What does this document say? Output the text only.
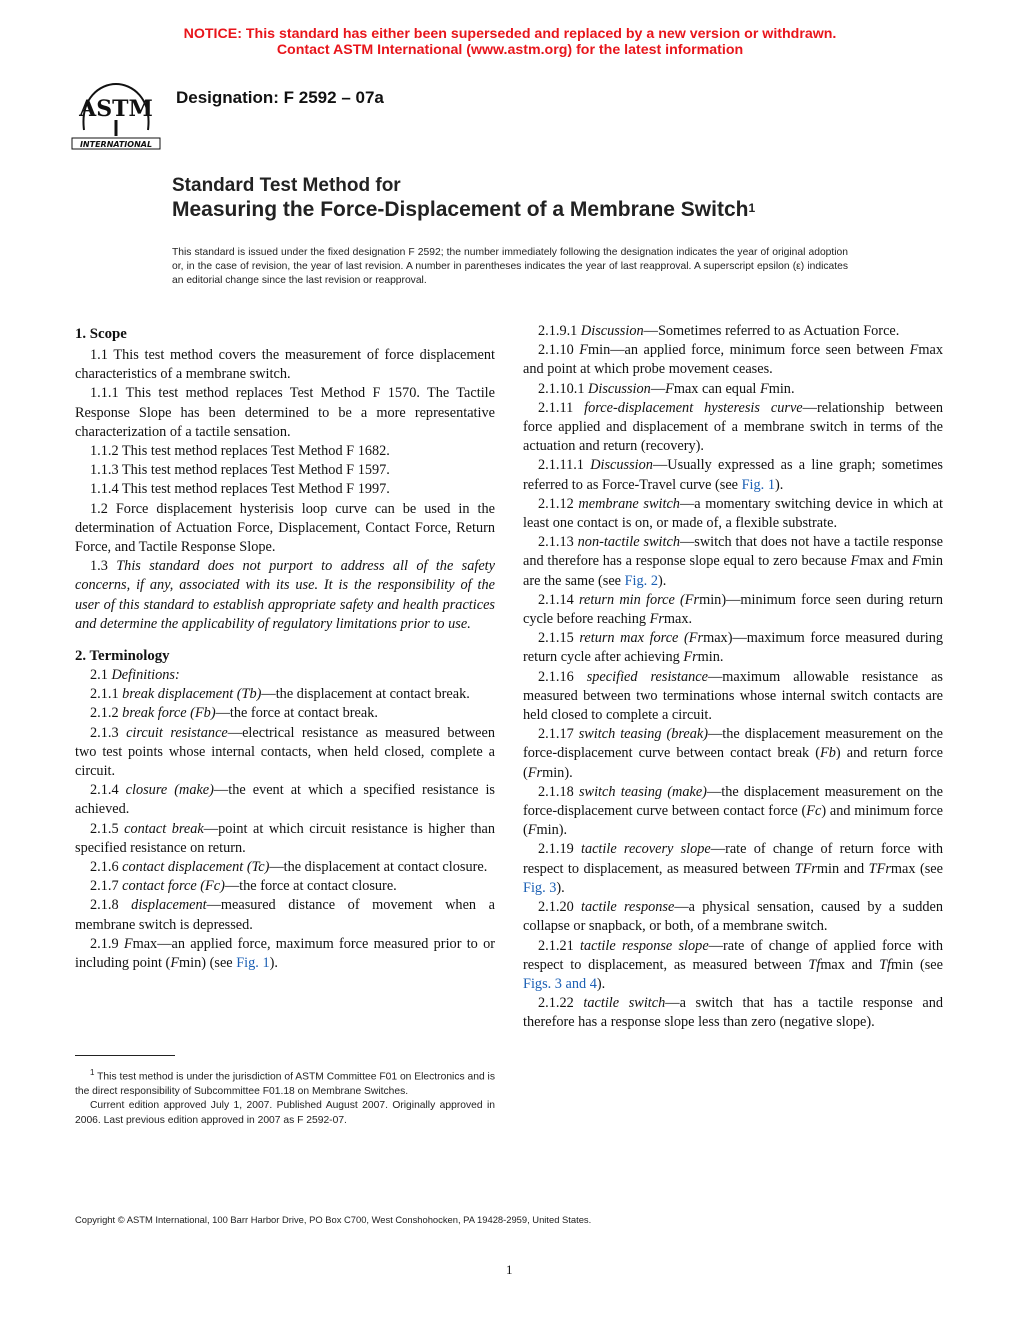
NOTICE: This standard has either been superseded and replaced by a new version or withdrawn.
Contact ASTM International (www.astm.org) for the latest information
ASTM
INTERNATIONAL
Designation: F 2592 – 07a
Standard Test Method for
Measuring the Force-Displacement of a Membrane Switch$^1$
This standard is issued under the fixed designation F 2592; the number immediately following the designation indicates the year of original adoption or, in the case of revision, the year of last revision. A number in parentheses indicates the year of last reapproval. A superscript epsilon (ε) indicates an editorial change since the last revision or reapproval.
1. Scope

1.1 This test method covers the measurement of force displacement characteristics of a membrane switch.

1.1.1 This test method replaces Test Method F 1570. The Tactile Response Slope has been determined to be a more representative characterization of a tactile sensation.

1.1.2 This test method replaces Test Method F 1682.

1.1.3 This test method replaces Test Method F 1597.

1.1.4 This test method replaces Test Method F 1997.

1.2 Force displacement hysterisis loop curve can be used in the determination of Actuation Force, Displacement, Contact Force, Return Force, and Tactile Response Slope.

1.3 This standard does not purport to address all of the safety concerns, if any, associated with its use. It is the responsibility of the user of this standard to establish appropriate safety and health practices and determine the applicability of regulatory limitations prior to use.

2. Terminology

2.1 Definitions:

2.1.1 break displacement (Tb)—the displacement at contact break.

2.1.2 break force (Fb)—the force at contact break.

2.1.3 circuit resistance—electrical resistance as measured between two test points whose internal contacts, when held closed, complete a circuit.

2.1.4 closure (make)—the event at which a specified resistance is achieved.

2.1.5 contact break—point at which circuit resistance is higher than specified resistance on return.

2.1.6 contact displacement (Tc)—the displacement at contact closure.

2.1.7 contact force (Fc)—the force at contact closure.

2.1.8 displacement—measured distance of movement when a membrane switch is depressed.

2.1.9 Fmax—an applied force, maximum force measured prior to or including point (Fmin) (see Fig. 1).

2.1.9.1 Discussion—Sometimes referred to as Actuation Force.

2.1.10 Fmin—an applied force, minimum force seen between Fmax and point at which probe movement ceases.

2.1.10.1 Discussion—Fmax can equal Fmin.

2.1.11 force-displacement hysteresis curve—relationship between force applied and displacement of a membrane switch in terms of the actuation and return (recovery).

2.1.11.1 Discussion—Usually expressed as a line graph; sometimes referred to as Force-Travel curve (see Fig. 1).

2.1.12 membrane switch—a momentary switching device in which at least one contact is on, or made of, a flexible substrate.

2.1.13 non-tactile switch—switch that does not have a tactile response and therefore has a response slope equal to zero because Fmax and Fmin are the same (see Fig. 2).

2.1.14 return min force (Frmin)—minimum force seen during return cycle before reaching Frmax.

2.1.15 return max force (Frmax)—maximum force measured during return cycle after achieving Frmin.

2.1.16 specified resistance—maximum allowable resistance as measured between two terminations whose internal switch contacts are held closed to complete a circuit.

2.1.17 switch teasing (break)—the displacement measurement on the force-displacement curve between contact break (Fb) and return force (Frmin).

2.1.18 switch teasing (make)—the displacement measurement on the force-displacement curve between contact force (Fc) and minimum force (Fmin).

2.1.19 tactile recovery slope—rate of change of return force with respect to displacement, as measured between TFrmin and TFrmax (see Fig. 3).

2.1.20 tactile response—a physical sensation, caused by a sudden collapse or snapback, or both, of a membrane switch.

2.1.21 tactile response slope—rate of change of applied force with respect to displacement, as measured between Tfmax and Tfmin (see Figs. 3 and 4).

2.1.22 tactile switch—a switch that has a tactile response and therefore has a response slope less than zero (negative slope).

$^1$ This test method is under the jurisdiction of ASTM Committee F01 on Electronics and is the direct responsibility of Subcommittee F01.18 on Membrane Switches.

Current edition approved July 1, 2007. Published August 2007. Originally approved in 2006. Last previous edition approved in 2007 as F 2592-07.

Copyright © ASTM International, 100 Barr Harbor Drive, PO Box C700, West Conshohocken, PA 19428-2959, United States.
1
